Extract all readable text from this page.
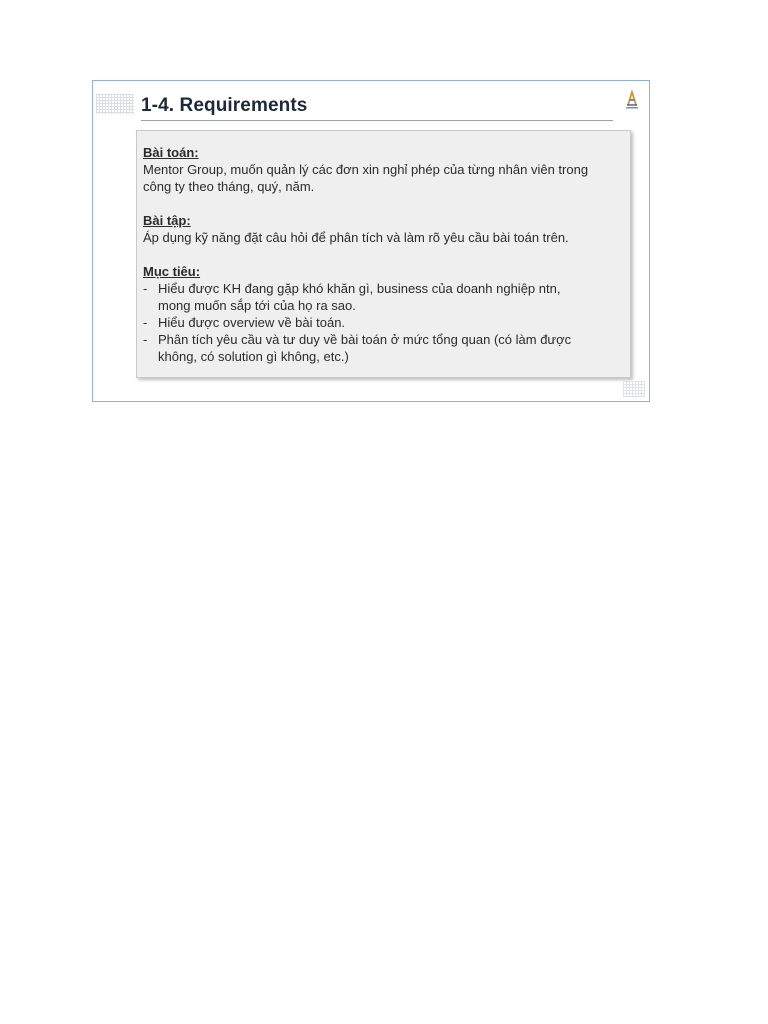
1-4. Requirements
Bài toán:

Mentor Group, muốn quản lý các đơn xin nghỉ phép của từng nhân viên trong

công ty theo tháng, quý, năm.

Bài tập:

Áp dụng kỹ năng đặt câu hỏi để phân tích và làm rõ yêu cầu bài toán trên.

Mục tiêu:
- Hiểu được KH đang gặp khó khăn gì, business của doanh nghiệp ntn,
mong muốn sắp tới của họ ra sao.
- Hiểu được overview về bài toán.
- Phân tích yêu cầu và tư duy về bài toán ở mức tổng quan (có làm được
không, có solution gì không, etc.)
